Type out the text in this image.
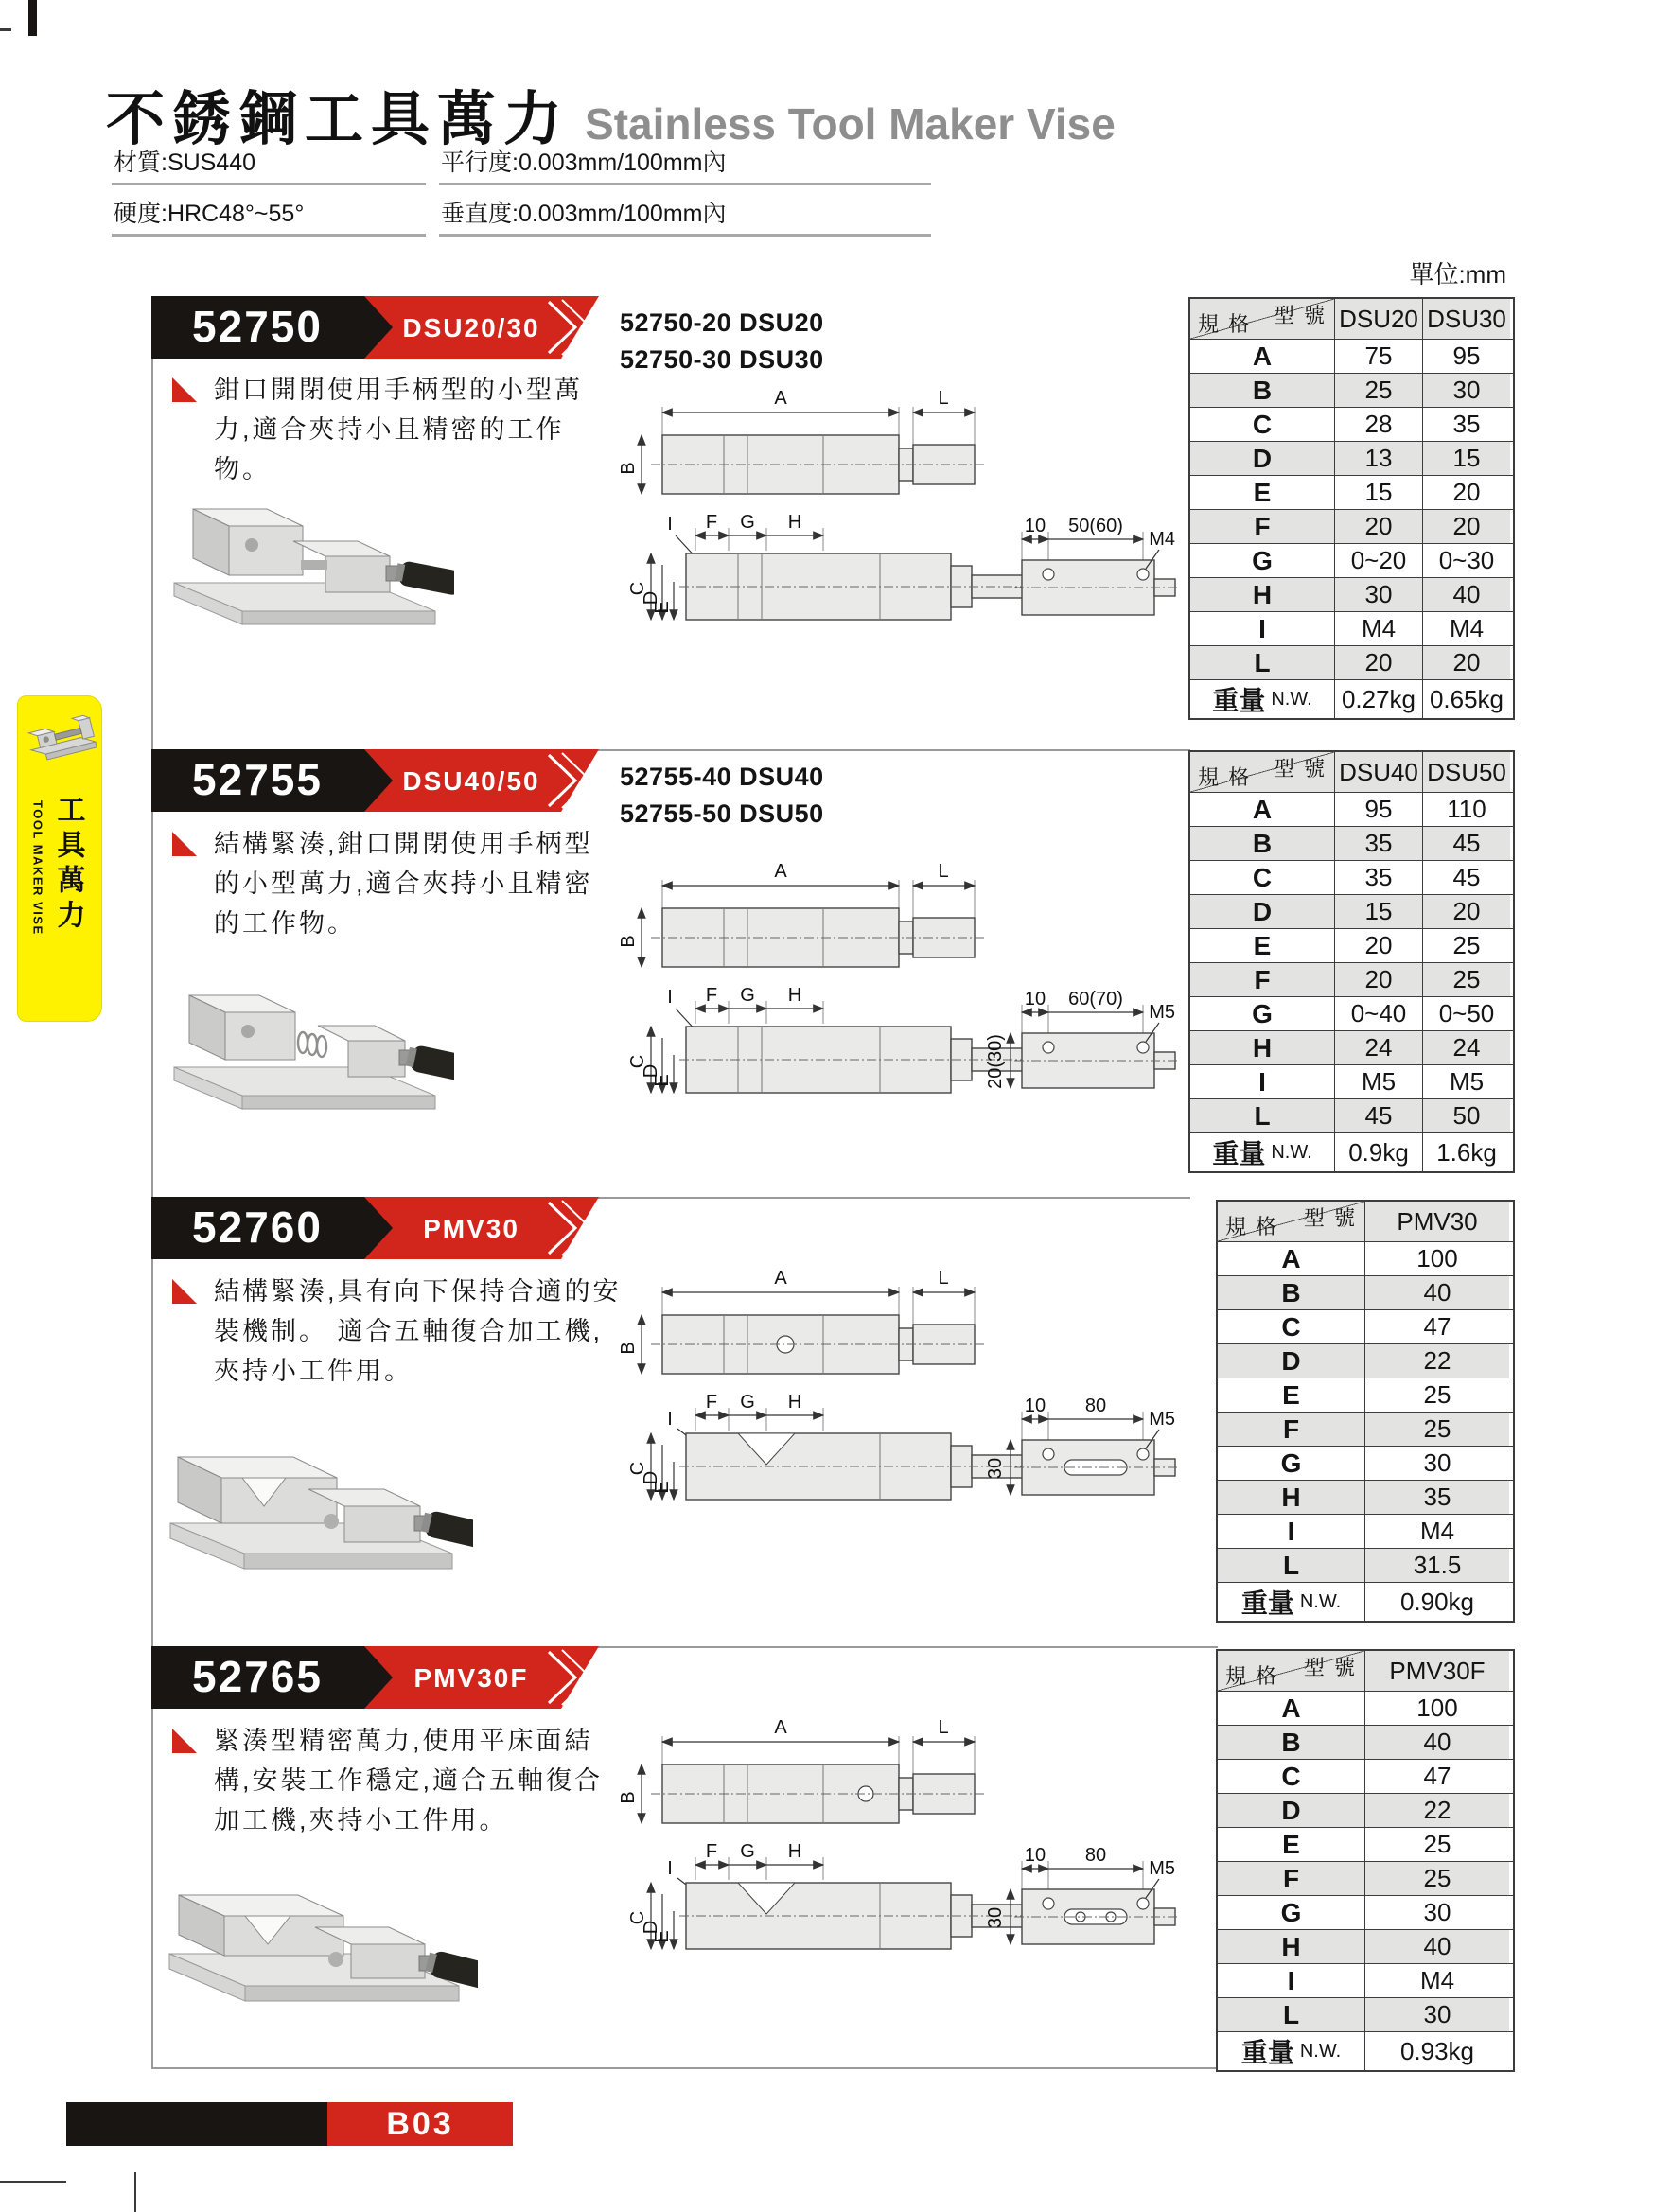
不銹鋼工具萬力 Stainless Tool Maker Vise
材質:SUS440	平行度:0.003mm/100mm內
硬度:HRC48°~55°	垂直度:0.003mm/100mm內
單位:mm
TOOL MAKER VISE 工具萬力
52750	DSU20/30	52750-20 DSU20
52750-30 DSU30
鉗口開閉使用手柄型的小型萬力,適合夾持小且精密的工作物。
A	L
B
I F G H
C
D
E
10 50(60)
M4
型 號
規 格	DSU20 DSU30
A	75	95
B	25	30
C	28	35
D	13	15
E	15	20
F	20	20
G	0~20	0~30
H	30	40
I	M4	M4
L	20	20
重量 N.W.	0.27kg 0.65kg
52755	DSU40/50	52755-40 DSU40
52755-50 DSU50
結構緊湊,鉗口開閉使用手柄型的小型萬力,適合夾持小且精密的工作物。
A	L
B
I F G H
C
D
E
10 60(70)
M5
20(30)
型 號
規 格	DSU40 DSU50
A	95	110
B	35	45
C	35	45
D	15	20
E	20	25
F	20	25
G	0~40	0~50
H	24	24
I	M5	M5
L	45	50
重量 N.W.	0.9kg	1.6kg
52760	PMV30
結構緊湊,具有向下保持合適的安裝機制。 適合五軸復合加工機,夾持小工件用。
A	L
B
I
F G H
C
D
E
10 80
M5
30
型 號
規 格	PMV30
A	100
B	40
C	47
D	22
E	25
F	25
G	30
H	35
I	M4
L	31.5
重量 N.W.	0.90kg
52765	PMV30F
緊湊型精密萬力,使用平床面結構,安裝工作穩定,適合五軸復合加工機,夾持小工件用。
A	L
B
I
F G H
C
D
E
10 80
M5
30
型 號
規 格	PMV30F
A	100
B	40
C	47
D	22
E	25
F	25
G	30
H	40
I	M4
L	30
重量 N.W.	0.93kg
B03
